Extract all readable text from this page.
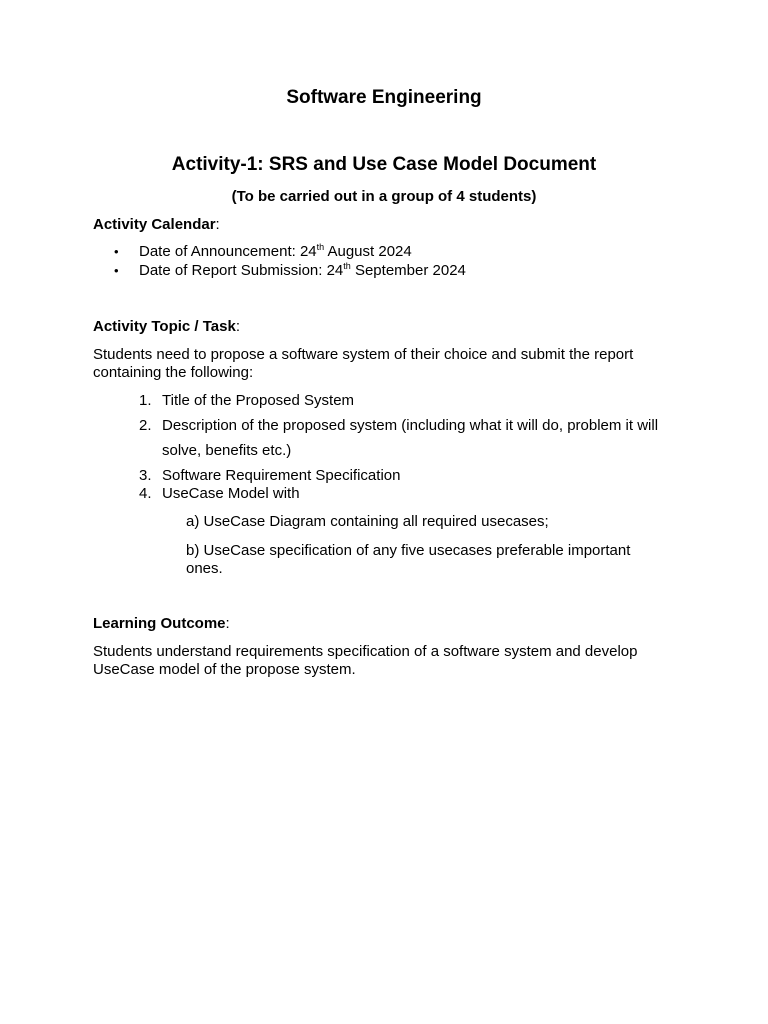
Software Engineering
Activity-1: SRS and Use Case Model Document
(To be carried out in a group of 4 students)
Activity Calendar:
• Date of Announcement: 24th August 2024
• Date of Report Submission: 24th September 2024
Activity Topic / Task:
Students need to propose a software system of their choice and submit the report
containing the following:
1. Title of the Proposed System
2. Description of the proposed system (including what it will do, problem it will
solve, benefits etc.)
3. Software Requirement Specification
4. UseCase Model with
a) UseCase Diagram containing all required usecases;
b) UseCase specification of any five usecases preferable important
ones.
Learning Outcome:
Students understand requirements specification of a software system and develop
UseCase model of the propose system.
